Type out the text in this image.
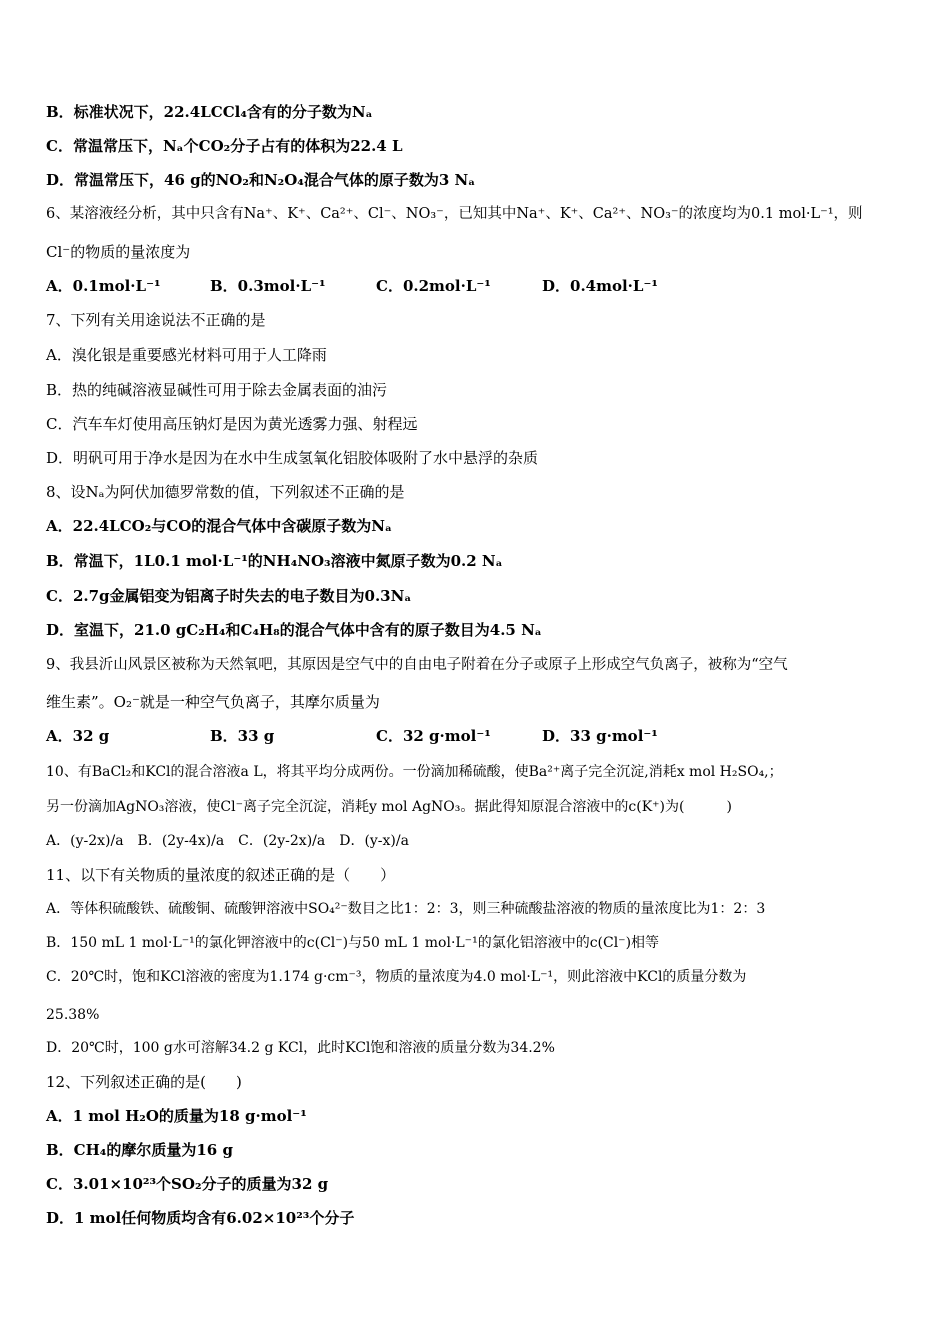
B．标准状况下，22.4LCCl₄含有的分子数为Nₐ
C．常温常压下，Nₐ个CO₂分子占有的体积为22.4 L
D．常温常压下，46 g的NO₂和N₂O₄混合气体的原子数为3 Nₐ
6、某溶液经分析，其中只含有Na⁺、K⁺、Ca²⁺、Cl⁻、NO₃⁻，已知其中Na⁺、K⁺、Ca²⁺、NO₃⁻的浓度均为0.1 mol·L⁻¹，则
Cl⁻的物质的量浓度为
A．0.1mol·L⁻¹	B．0.3mol·L⁻¹	C．0.2mol·L⁻¹	D．0.4mol·L⁻¹
7、下列有关用途说法不正确的是
A．溴化银是重要感光材料可用于人工降雨
B．热的纯碱溶液显碱性可用于除去金属表面的油污
C．汽车车灯使用高压钠灯是因为黄光透雾力强、射程远
D．明矾可用于净水是因为在水中生成氢氧化铝胶体吸附了水中悬浮的杂质
8、设Nₐ为阿伏加德罗常数的值，下列叙述不正确的是
A．22.4LCO₂与CO的混合气体中含碳原子数为Nₐ
B．常温下，1L0.1 mol·L⁻¹的NH₄NO₃溶液中氮原子数为0.2 Nₐ
C．2.7g金属铝变为铝离子时失去的电子数目为0.3Nₐ
D．室温下，21.0 gC₂H₄和C₄H₈的混合气体中含有的原子数目为4.5 Nₐ
9、我县沂山风景区被称为天然氧吧，其原因是空气中的自由电子附着在分子或原子上形成空气负离子，被称为“空气
维生素”。O₂⁻就是一种空气负离子，其摩尔质量为
A．32 g	B．33 g	C．32 g·mol⁻¹	D．33 g·mol⁻¹
10、有BaCl₂和KCl的混合溶液a L，将其平均分成两份。一份滴加稀硫酸，使Ba²⁺离子完全沉淀,消耗x mol H₂SO₄,；
另一份滴加AgNO₃溶液，使Cl⁻离子完全沉淀，消耗y mol AgNO₃。据此得知原混合溶液中的c(K⁺)为(　　　)
A．(y-2x)/a　B．(2y-4x)/a　C．(2y-2x)/a　D．(y-x)/a
11、以下有关物质的量浓度的叙述正确的是（　　）
A．等体积硫酸铁、硫酸铜、硫酸钾溶液中SO₄²⁻数目之比1：2：3，则三种硫酸盐溶液的物质的量浓度比为1：2：3
B．150 mL 1 mol·L⁻¹的氯化钾溶液中的c(Cl⁻)与50 mL 1 mol·L⁻¹的氯化铝溶液中的c(Cl⁻)相等
C．20℃时，饱和KCl溶液的密度为1.174 g·cm⁻³，物质的量浓度为4.0 mol·L⁻¹，则此溶液中KCl的质量分数为
25.38%
D．20℃时，100 g水可溶解34.2 g KCl，此时KCl饱和溶液的质量分数为34.2%
12、下列叙述正确的是(　　)
A．1 mol H₂O的质量为18 g·mol⁻¹
B．CH₄的摩尔质量为16 g
C．3.01×10²³个SO₂分子的质量为32 g
D．1 mol任何物质均含有6.02×10²³个分子
